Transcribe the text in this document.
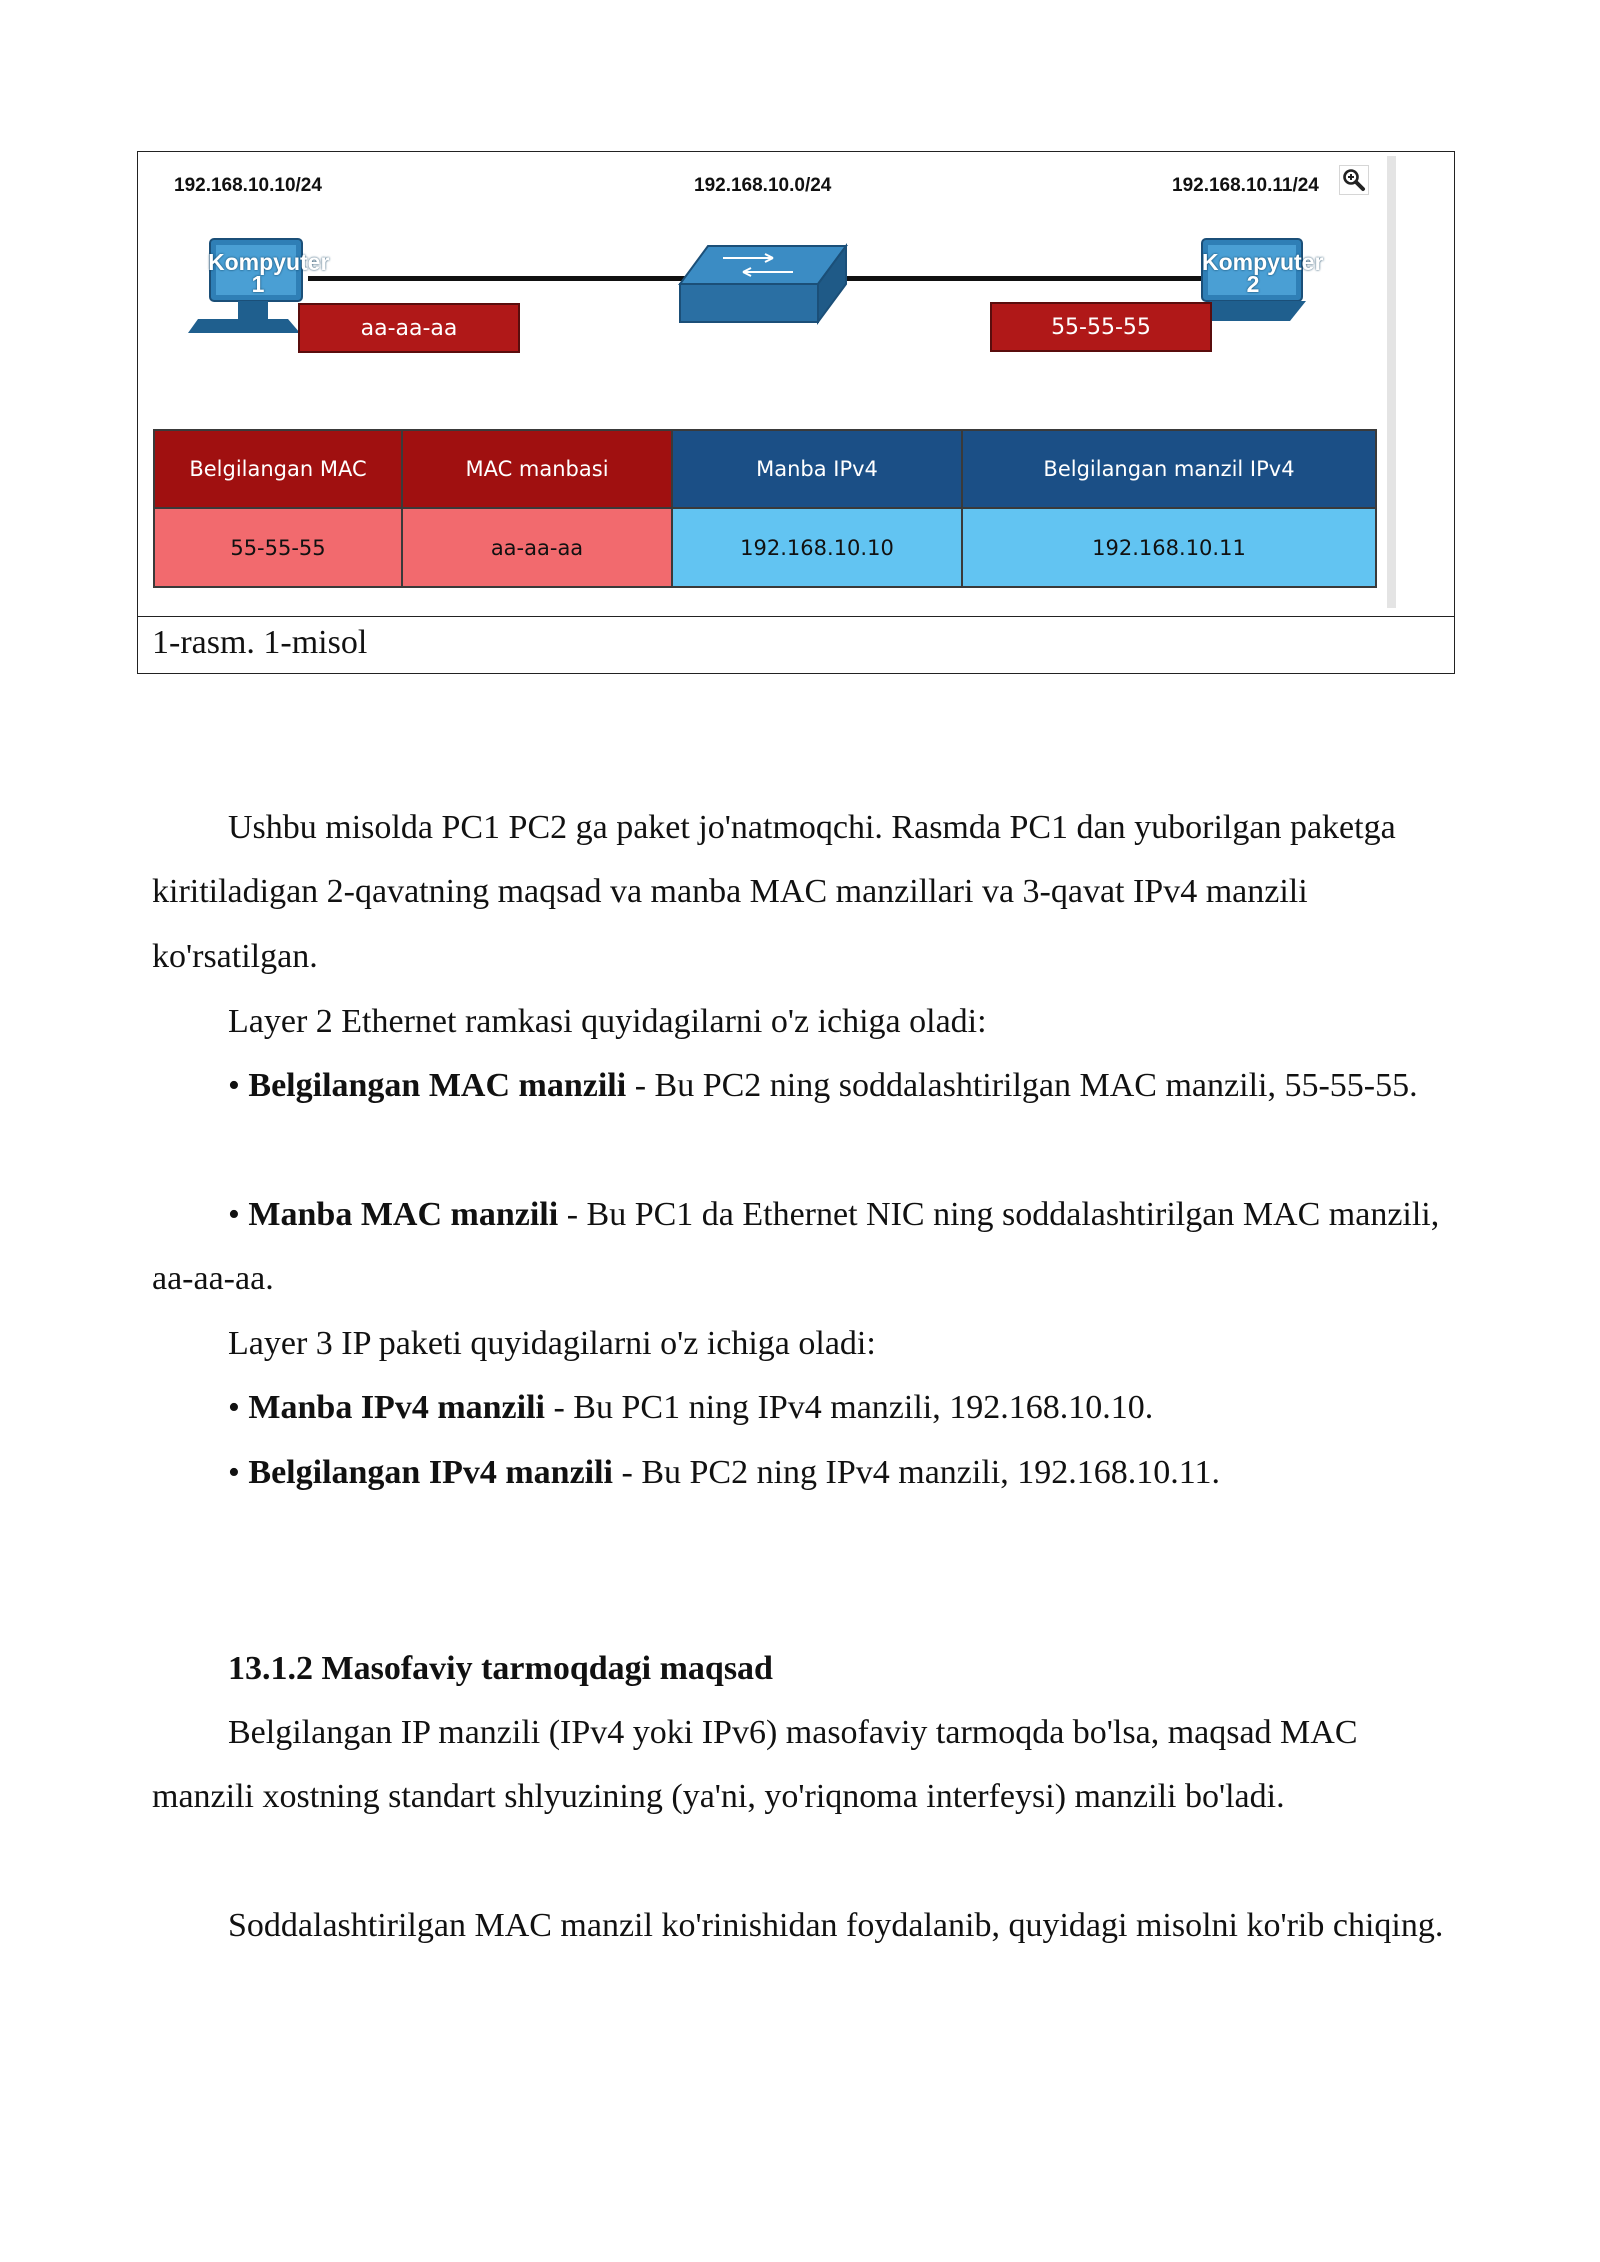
192.168.10.10/24	192.168.10.0/24	192.168.10.11/24
Kompyuter
1
Kompyuter
2
aa-aa-aa	55-55-55
Belgilangan MAC	MAC manbasi	Manba IPv4	Belgilangan manzil IPv4
55-55-55	aa-aa-aa	192.168.10.10	192.168.10.11
1-rasm. 1-misol

Ushbu misolda PC1 PC2 ga paket jo'natmoqchi. Rasmda PC1 dan yuborilgan paketga kiritiladigan 2-qavatning maqsad va manba MAC manzillari va 3-qavat IPv4 manzili ko'rsatilgan.

Layer 2 Ethernet ramkasi quyidagilarni o'z ichiga oladi:

• Belgilangan MAC manzili - Bu PC2 ning soddalashtirilgan MAC manzili, 55-55-55.

• Manba MAC manzili - Bu PC1 da Ethernet NIC ning soddalashtirilgan MAC manzili, aa-aa-aa.

Layer 3 IP paketi quyidagilarni o'z ichiga oladi:

• Manba IPv4 manzili - Bu PC1 ning IPv4 manzili, 192.168.10.10.

• Belgilangan IPv4 manzili - Bu PC2 ning IPv4 manzili, 192.168.10.11.

13.1.2 Masofaviy tarmoqdagi maqsad

Belgilangan IP manzili (IPv4 yoki IPv6) masofaviy tarmoqda bo'lsa, maqsad MAC manzili xostning standart shlyuzining (ya'ni, yo'riqnoma interfeysi) manzili bo'ladi.

Soddalashtirilgan MAC manzil ko'rinishidan foydalanib, quyidagi misolni ko'rib chiqing.
